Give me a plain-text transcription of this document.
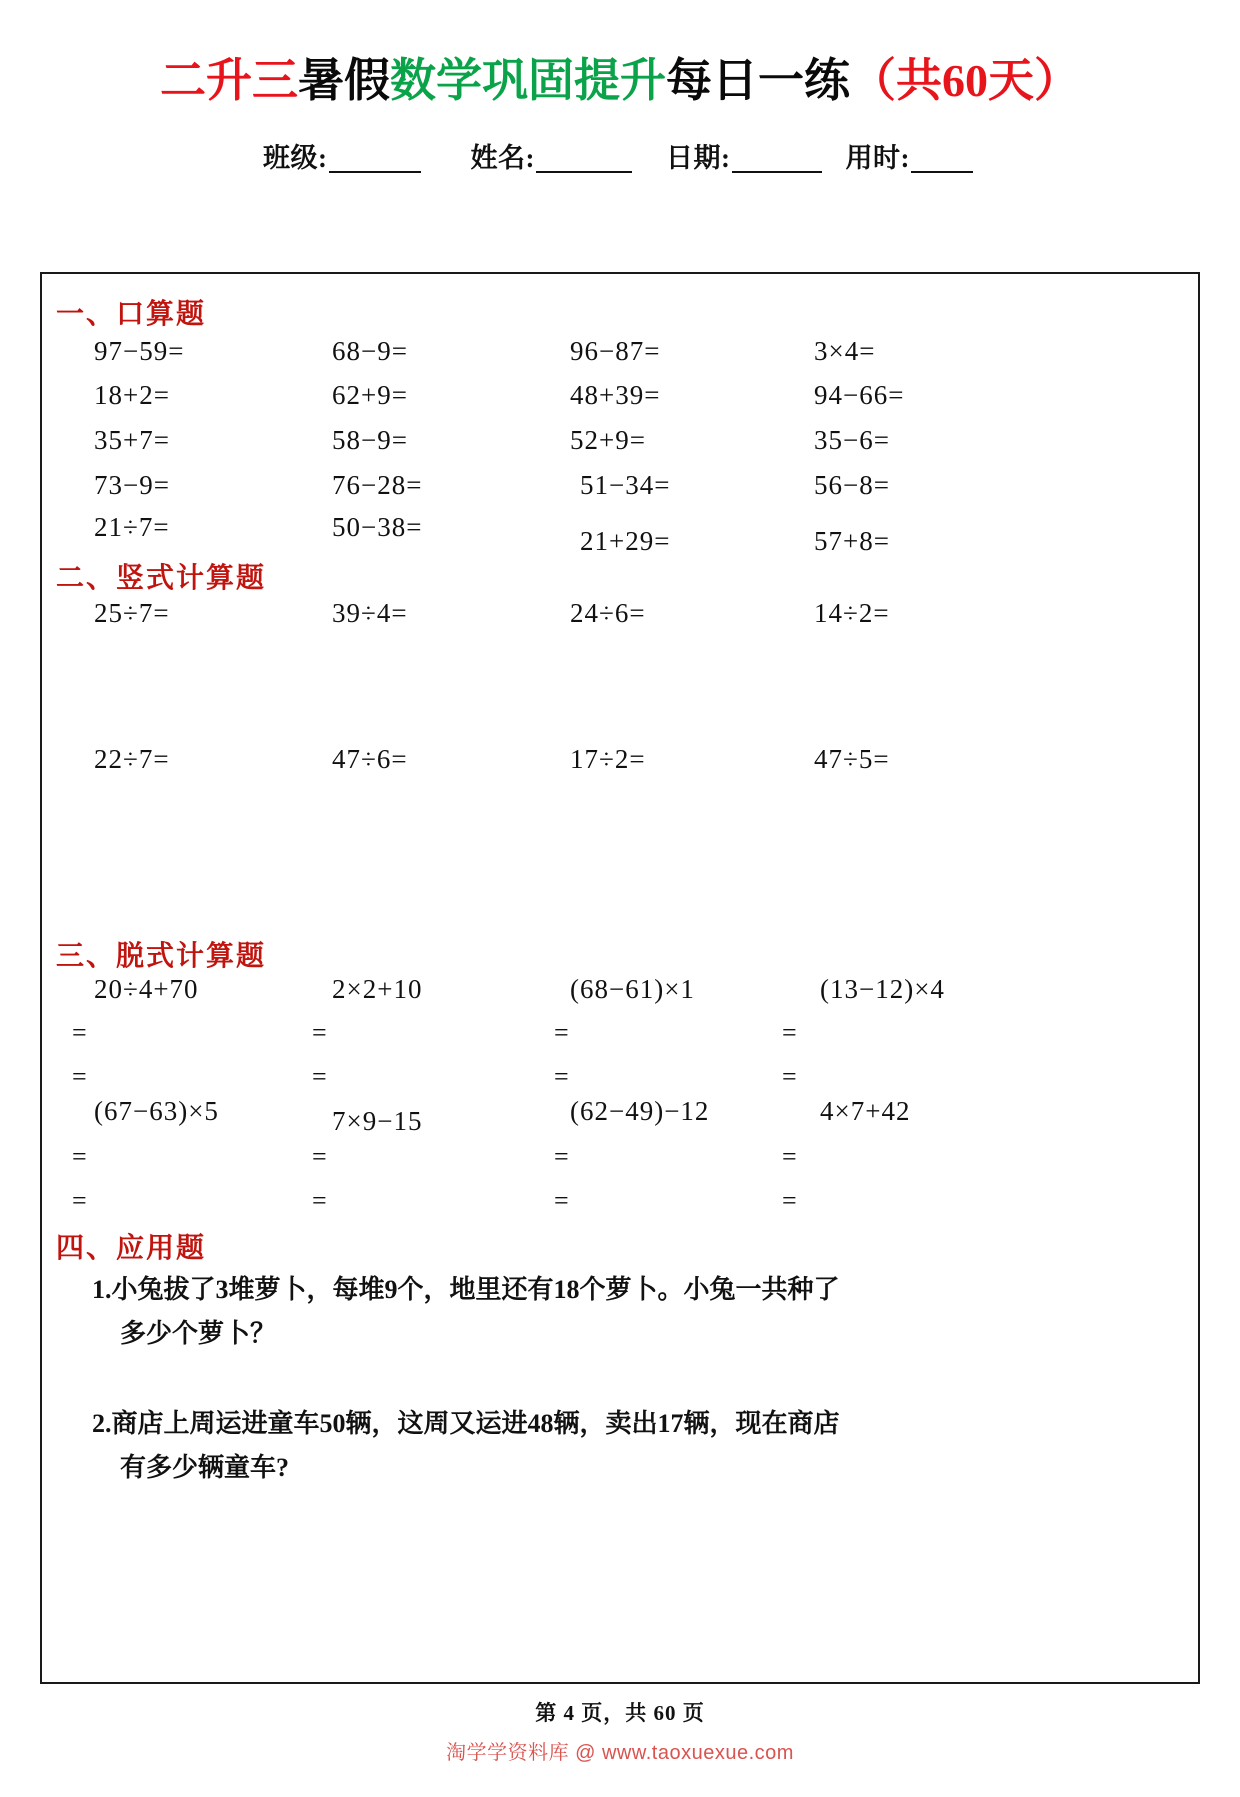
二升三暑假数学巩固提升每日一练（共60天）
班级:	姓名:	日期:	用时:
一、口算题
97−59=	68−9=	96−87=	3×4=
18+2=	62+9=	48+39=	94−66=
35+7=	58−9=	52+9=	35−6=
73−9=	76−28=	51−34=	56−8=
21÷7=	50−38=	21+29=	57+8=
二、竖式计算题
25÷7=	39÷4=	24÷6=	14÷2=
22÷7=	47÷6=	17÷2=	47÷5=
三、脱式计算题
20÷4+70	2×2+10	(68−61)×1	(13−12)×4
=	=	=	=
=	=	=	=
(67−63)×5	7×9−15	(62−49)−12	4×7+42
=	=	=	=
=	=	=	=
四、应用题
1.小兔拔了3堆萝卜，每堆9个，地里还有18个萝卜。小兔一共种了
多少个萝卜？
2.商店上周运进童车50辆，这周又运进48辆，卖出17辆，现在商店
有多少辆童车?
第 4 页，共 60 页
淘学学资料库 @ www.taoxuexue.com
